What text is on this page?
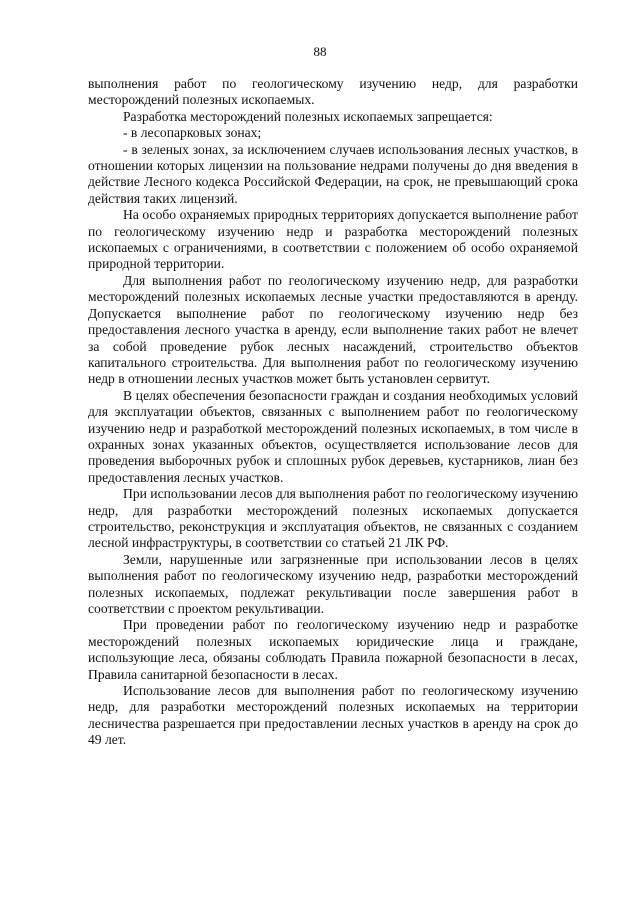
88

выполнения работ по геологическому изучению недр, для разработки месторождений полезных ископаемых.

Разработка месторождений полезных ископаемых запрещается:

- в лесопарковых зонах;

- в зеленых зонах, за исключением случаев использования лесных участков, в отношении которых лицензии на пользование недрами получены до дня введения в действие Лесного кодекса Российской Федерации, на срок, не превышающий срока действия таких лицензий.

На особо охраняемых природных территориях допускается выполнение работ по геологическому изучению недр и разработка месторождений полезных ископаемых с ограничениями, в соответствии с положением об особо охраняемой природной территории.

Для выполнения работ по геологическому изучению недр, для разработки месторождений полезных ископаемых лесные участки предоставляются в аренду. Допускается выполнение работ по геологическому изучению недр без предоставления лесного участка в аренду, если выполнение таких работ не влечет за собой проведение рубок лесных насаждений, строительство объектов капитального строительства. Для выполнения работ по геологическому изучению недр в отношении лесных участков может быть установлен сервитут.

В целях обеспечения безопасности граждан и создания необходимых условий для эксплуатации объектов, связанных с выполнением работ по геологическому изучению недр и разработкой месторождений полезных ископаемых, в том числе в охранных зонах указанных объектов, осуществляется использование лесов для проведения выборочных рубок и сплошных рубок деревьев, кустарников, лиан без предоставления лесных участков.

При использовании лесов для выполнения работ по геологическому изучению недр, для разработки месторождений полезных ископаемых допускается строительство, реконструкция и эксплуатация объектов, не связанных с созданием лесной инфраструктуры, в соответствии со статьей 21 ЛК РФ.

Земли, нарушенные или загрязненные при использовании лесов в целях выполнения работ по геологическому изучению недр, разработки месторождений полезных ископаемых, подлежат рекультивации после завершения работ в соответствии с проектом рекультивации.

При проведении работ по геологическому изучению недр и разработке месторождений полезных ископаемых юридические лица и граждане, использующие леса, обязаны соблюдать Правила пожарной безопасности в лесах, Правила санитарной безопасности в лесах.

Использование лесов для выполнения работ по геологическому изучению недр, для разработки месторождений полезных ископаемых на территории лесничества разрешается при предоставлении лесных участков в аренду на срок до 49 лет.
